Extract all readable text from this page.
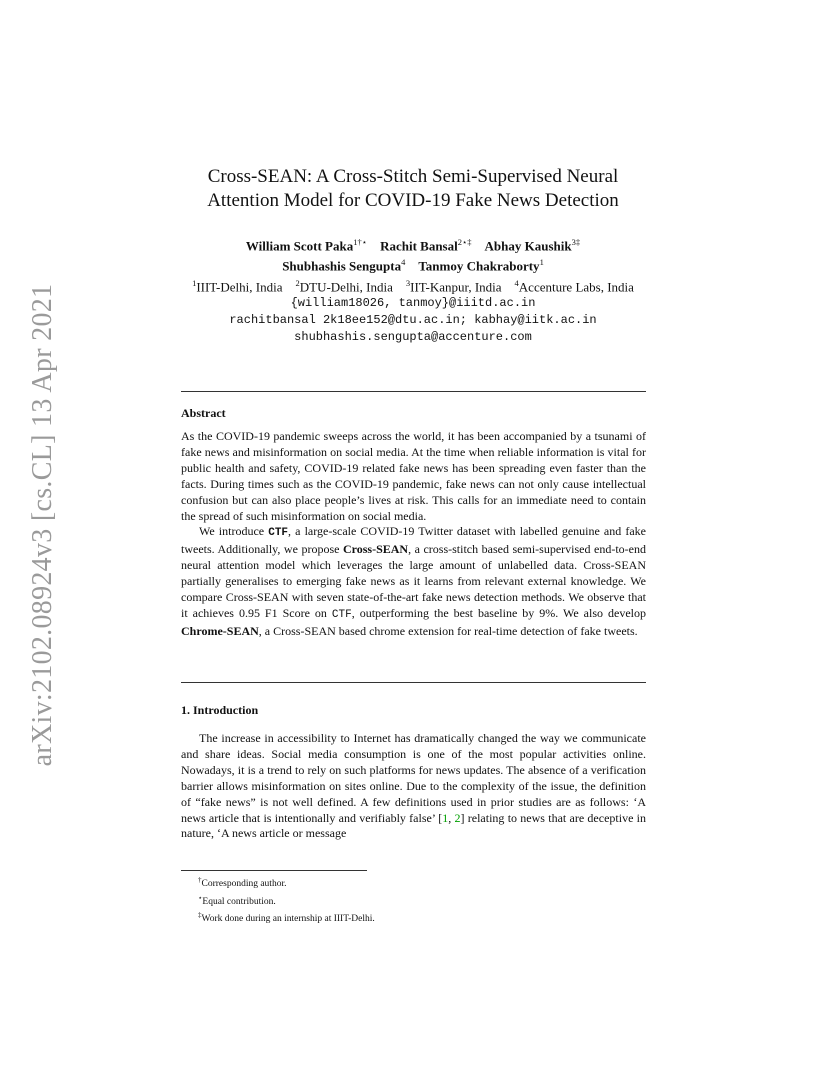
arXiv:2102.08924v3 [cs.CL] 13 Apr 2021
Cross-SEAN: A Cross-Stitch Semi-Supervised Neural
Attention Model for COVID-19 Fake News Detection
William Scott Paka$^{1\dagger⋆}$ Rachit Bansal$^{2⋆\ddagger}$ Abhay Kaushik$^{3\ddagger}$
Shubhashis Sengupta$^4$ Tanmoy Chakraborty$^1$
$^1$IIIT-Delhi, India $^2$DTU-Delhi, India $^3$IIT-Kanpur, India $^4$Accenture Labs, India
{william18026, tanmoy}@iiitd.ac.in
rachitbansal 2k18ee152@dtu.ac.in; kabhay@iitk.ac.in
shubhashis.sengupta@accenture.com
Abstract

As the COVID-19 pandemic sweeps across the world, it has been accompanied by a tsunami of fake news and misinformation on social media. At the time when reliable information is vital for public health and safety, COVID-19 related fake news has been spreading even faster than the facts. During times such as the COVID-19 pandemic, fake news can not only cause intellectual confusion but can also place people’s lives at risk. This calls for an immediate need to contain the spread of such misinformation on social media.

We introduce CTF, a large-scale COVID-19 Twitter dataset with labelled genuine and fake tweets. Additionally, we propose Cross-SEAN, a cross-stitch based semi-supervised end-to-end neural attention model which leverages the large amount of unlabelled data. Cross-SEAN partially generalises to emerging fake news as it learns from relevant external knowledge. We compare Cross-SEAN with seven state-of-the-art fake news detection methods. We observe that it achieves 0.95 F1 Score on CTF, outperforming the best baseline by 9%. We also develop Chrome-SEAN, a Cross-SEAN based chrome extension for real-time detection of fake tweets.

1. Introduction

The increase in accessibility to Internet has dramatically changed the way we communicate and share ideas. Social media consumption is one of the most popular activities online. Nowadays, it is a trend to rely on such platforms for news updates. The absence of a verification barrier allows misinformation on sites online. Due to the complexity of the issue, the definition of “fake news” is not well defined. A few definitions used in prior studies are as follows: ‘A news article that is intentionally and verifiably false’ [1, 2] relating to news that are deceptive in nature, ‘A news article or message

†Corresponding author.
⋆Equal contribution.
‡Work done during an internship at IIIT-Delhi.
